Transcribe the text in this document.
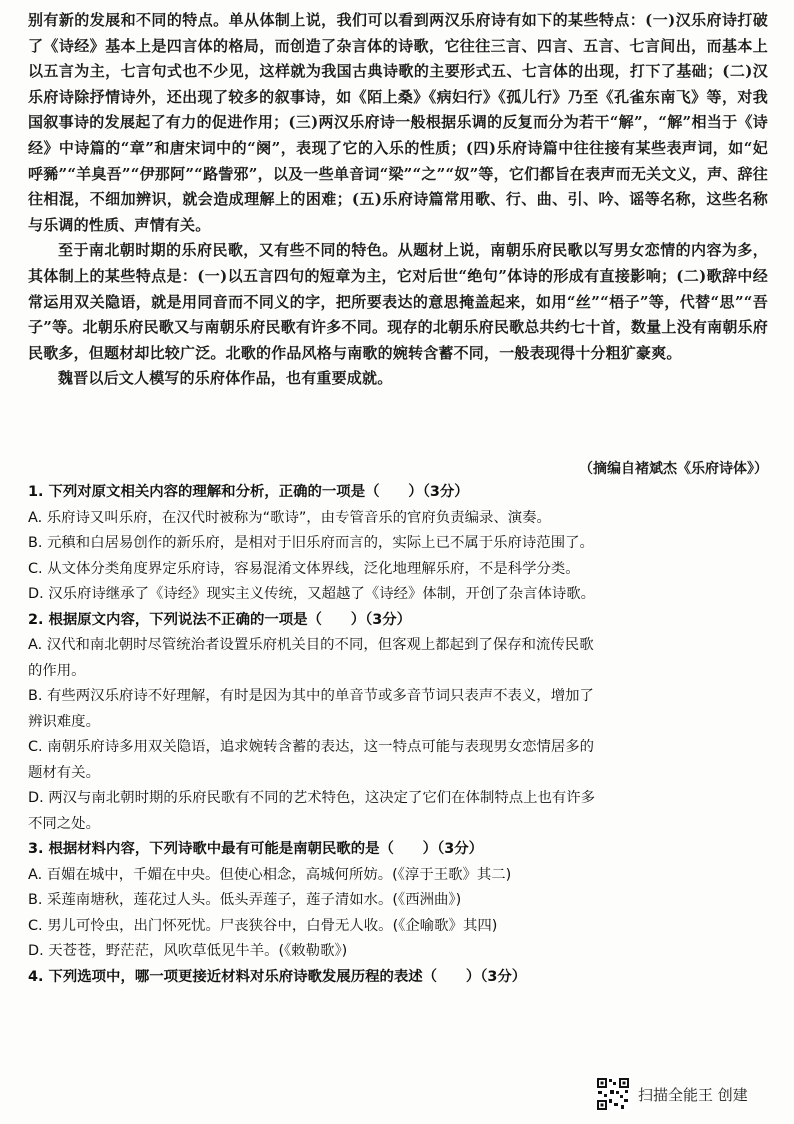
别有新的发展和不同的特点。单从体制上说，我们可以看到两汉乐府诗有如下的某些特点：(一)汉乐府诗打破了《诗经》基本上是四言体的格局，而创造了杂言体的诗歌，它往往三言、四言、五言、七言间出，而基本上以五言为主，七言句式也不少见，这样就为我国古典诗歌的主要形式五、七言体的出现，打下了基础；(二)汉乐府诗除抒情诗外，还出现了较多的叙事诗，如《陌上桑》《病妇行》《孤儿行》乃至《孔雀东南飞》等，对我国叙事诗的发展起了有力的促进作用；(三)两汉乐府诗一般根据乐调的反复而分为若干“解”，“解”相当于《诗经》中诗篇的“章”和唐宋词中的“阕”，表现了它的入乐的性质；(四)乐府诗篇中往往接有某些表声词，如“妃呼豨”“羊臭吾”“伊那阿”“路訾邪”，以及一些单音词“梁”“之”“奴”等，它们都旨在表声而无关文义，声、辞往往相混，不细加辨识，就会造成理解上的困难；(五)乐府诗篇常用歌、行、曲、引、吟、谣等名称，这些名称与乐调的性质、声情有关。

至于南北朝时期的乐府民歌，又有些不同的特色。从题材上说，南朝乐府民歌以写男女恋情的内容为多，其体制上的某些特点是：(一)以五言四句的短章为主，它对后世“绝句”体诗的形成有直接影响；(二)歌辞中经常运用双关隐语，就是用同音而不同义的字，把所要表达的意思掩盖起来，如用“丝”“梧子”等，代替“思”“吾子”等。北朝乐府民歌又与南朝乐府民歌有许多不同。现存的北朝乐府民歌总共约七十首，数量上没有南朝乐府民歌多，但题材却比较广泛。北歌的作品风格与南歌的婉转含蓄不同，一般表现得十分粗犷豪爽。

魏晋以后文人模写的乐府体作品，也有重要成就。

（摘编自褚斌杰《乐府诗体》）
1. 下列对原文相关内容的理解和分析，正确的一项是（　　）（3分）
A. 乐府诗又叫乐府，在汉代时被称为“歌诗”，由专管音乐的官府负责编录、演奏。
B. 元稹和白居易创作的新乐府，是相对于旧乐府而言的，实际上已不属于乐府诗范围了。
C. 从文体分类角度界定乐府诗，容易混淆文体界线，泛化地理解乐府，不是科学分类。
D. 汉乐府诗继承了《诗经》现实主义传统，又超越了《诗经》体制，开创了杂言体诗歌。
2. 根据原文内容，下列说法不正确的一项是（　　）（3分）
A. 汉代和南北朝时尽管统治者设置乐府机关目的不同，但客观上都起到了保存和流传民歌
的作用。
B. 有些两汉乐府诗不好理解，有时是因为其中的单音节或多音节词只表声不表义，增加了
辨识难度。
C. 南朝乐府诗多用双关隐语，追求婉转含蓄的表达，这一特点可能与表现男女恋情居多的
题材有关。
D. 两汉与南北朝时期的乐府民歌有不同的艺术特色，这决定了它们在体制特点上也有许多
不同之处。
3. 根据材料内容，下列诗歌中最有可能是南朝民歌的是（　　）（3分）
A. 百媚在城中，千媚在中央。但使心相念，高城何所妨。(《淳于王歌》其二)
B. 采莲南塘秋，莲花过人头。低头弄莲子，莲子清如水。(《西洲曲》)
C. 男儿可怜虫，出门怀死忧。尸丧狭谷中，白骨无人收。(《企喻歌》其四)
D. 天苍苍，野茫茫，风吹草低见牛羊。(《敕勒歌》)
4. 下列选项中，哪一项更接近材料对乐府诗歌发展历程的表述（　　）（3分）
扫描全能王 创建
